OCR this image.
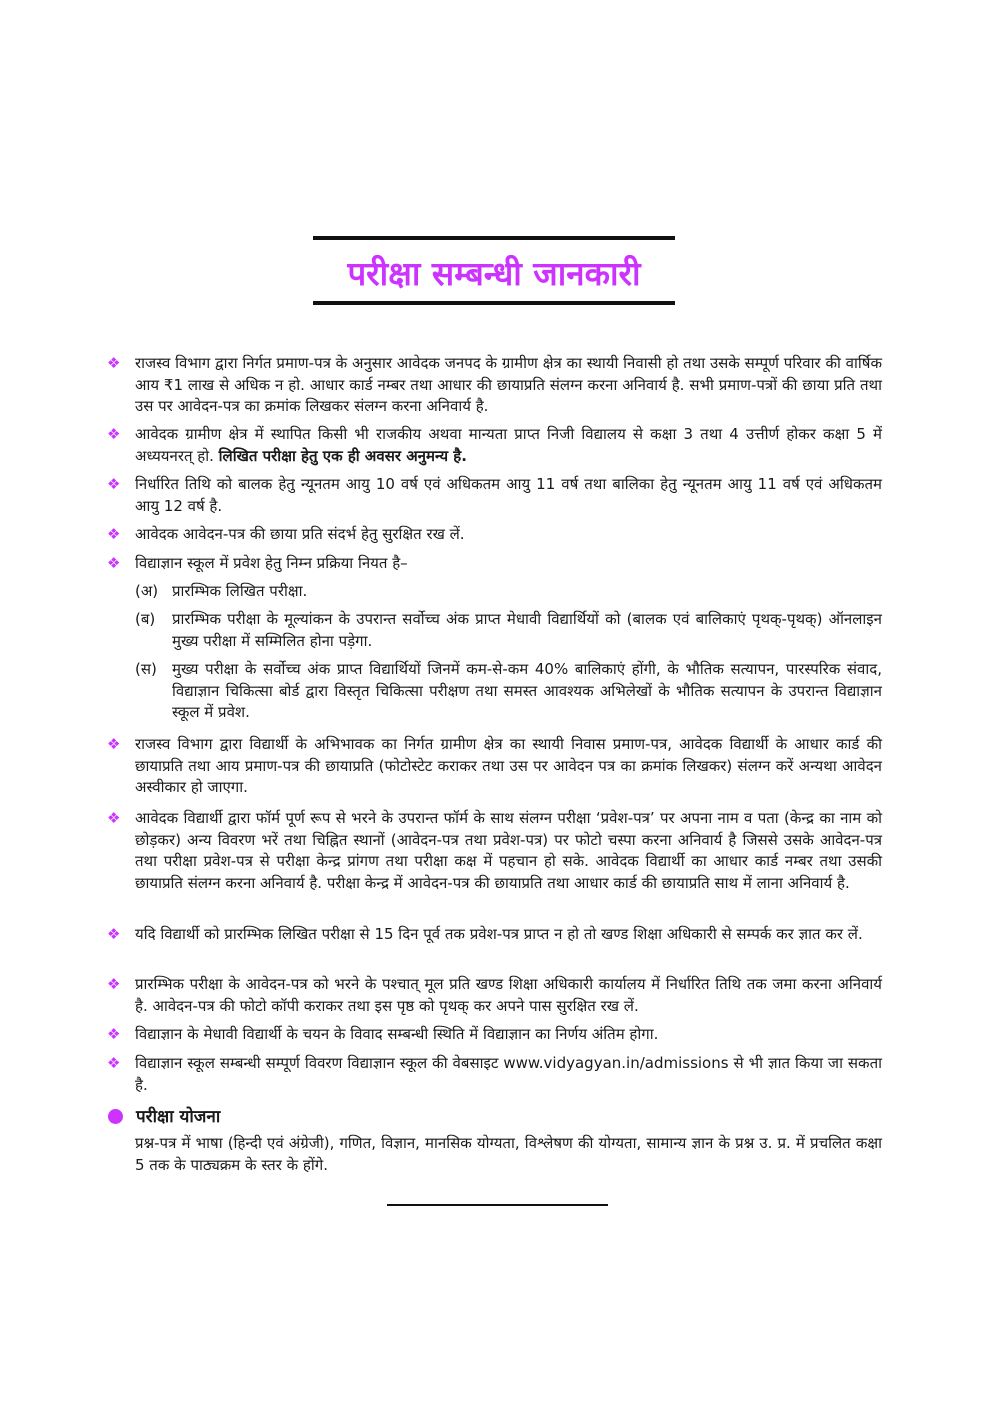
परीक्षा सम्बन्धी जानकारी
❖ राजस्व विभाग द्वारा निर्गत प्रमाण-पत्र के अनुसार आवेदक जनपद के ग्रामीण क्षेत्र का स्थायी निवासी हो तथा उसके सम्पूर्ण परिवार की वार्षिक आय ₹1 लाख से अधिक न हो. आधार कार्ड नम्बर तथा आधार की छायाप्रति संलग्न करना अनिवार्य है. सभी प्रमाण-पत्रों की छाया प्रति तथा उस पर आवेदन-पत्र का क्रमांक लिखकर संलग्न करना अनिवार्य है.
❖ आवेदक ग्रामीण क्षेत्र में स्थापित किसी भी राजकीय अथवा मान्यता प्राप्त निजी विद्यालय से कक्षा 3 तथा 4 उत्तीर्ण होकर कक्षा 5 में अध्ययनरत् हो. लिखित परीक्षा हेतु एक ही अवसर अनुमन्य है.
❖ निर्धारित तिथि को बालक हेतु न्यूनतम आयु 10 वर्ष एवं अधिकतम आयु 11 वर्ष तथा बालिका हेतु न्यूनतम आयु 11 वर्ष एवं अधिकतम आयु 12 वर्ष है.
❖ आवेदक आवेदन-पत्र की छाया प्रति संदर्भ हेतु सुरक्षित रख लें.
❖ विद्याज्ञान स्कूल में प्रवेश हेतु निम्न प्रक्रिया नियत है–
(अ) प्रारम्भिक लिखित परीक्षा.
(ब) प्रारम्भिक परीक्षा के मूल्यांकन के उपरान्त सर्वोच्च अंक प्राप्त मेधावी विद्यार्थियों को (बालक एवं बालिकाएं पृथक्-पृथक्) ऑनलाइन मुख्य परीक्षा में सम्मिलित होना पड़ेगा.
(स) मुख्य परीक्षा के सर्वोच्च अंक प्राप्त विद्यार्थियों जिनमें कम-से-कम 40% बालिकाएं होंगी, के भौतिक सत्यापन, पारस्परिक संवाद, विद्याज्ञान चिकित्सा बोर्ड द्वारा विस्तृत चिकित्सा परीक्षण तथा समस्त आवश्यक अभिलेखों के भौतिक सत्यापन के उपरान्त विद्याज्ञान स्कूल में प्रवेश.
❖ राजस्व विभाग द्वारा विद्यार्थी के अभिभावक का निर्गत ग्रामीण क्षेत्र का स्थायी निवास प्रमाण-पत्र, आवेदक विद्यार्थी के आधार कार्ड की छायाप्रति तथा आय प्रमाण-पत्र की छायाप्रति (फोटोस्टेट कराकर तथा उस पर आवेदन पत्र का क्रमांक लिखकर) संलग्न करें अन्यथा आवेदन अस्वीकार हो जाएगा.
❖ आवेदक विद्यार्थी द्वारा फॉर्म पूर्ण रूप से भरने के उपरान्त फॉर्म के साथ संलग्न परीक्षा ‘प्रवेश-पत्र’ पर अपना नाम व पता (केन्द्र का नाम को छोड़कर) अन्य विवरण भरें तथा चिह्नित स्थानों (आवेदन-पत्र तथा प्रवेश-पत्र) पर फोटो चस्पा करना अनिवार्य है जिससे उसके आवेदन-पत्र तथा परीक्षा प्रवेश-पत्र से परीक्षा केन्द्र प्रांगण तथा परीक्षा कक्ष में पहचान हो सके. आवेदक विद्यार्थी का आधार कार्ड नम्बर तथा उसकी छायाप्रति संलग्न करना अनिवार्य है. परीक्षा केन्द्र में आवेदन-पत्र की छायाप्रति तथा आधार कार्ड की छायाप्रति साथ में लाना अनिवार्य है.
❖ यदि विद्यार्थी को प्रारम्भिक लिखित परीक्षा से 15 दिन पूर्व तक प्रवेश-पत्र प्राप्त न हो तो खण्ड शिक्षा अधिकारी से सम्पर्क कर ज्ञात कर लें.
❖ प्रारम्भिक परीक्षा के आवेदन-पत्र को भरने के पश्चात् मूल प्रति खण्ड शिक्षा अधिकारी कार्यालय में निर्धारित तिथि तक जमा करना अनिवार्य है. आवेदन-पत्र की फोटो कॉपी कराकर तथा इस पृष्ठ को पृथक् कर अपने पास सुरक्षित रख लें.
❖ विद्याज्ञान के मेधावी विद्यार्थी के चयन के विवाद सम्बन्धी स्थिति में विद्याज्ञान का निर्णय अंतिम होगा.
❖ विद्याज्ञान स्कूल सम्बन्धी सम्पूर्ण विवरण विद्याज्ञान स्कूल की वेबसाइट www.vidyagyan.in/admissions से भी ज्ञात किया जा सकता है.
परीक्षा योजना
प्रश्न-पत्र में भाषा (हिन्दी एवं अंग्रेजी), गणित, विज्ञान, मानसिक योग्यता, विश्लेषण की योग्यता, सामान्य ज्ञान के प्रश्न उ. प्र. में प्रचलित कक्षा 5 तक के पाठ्यक्रम के स्तर के होंगे.
